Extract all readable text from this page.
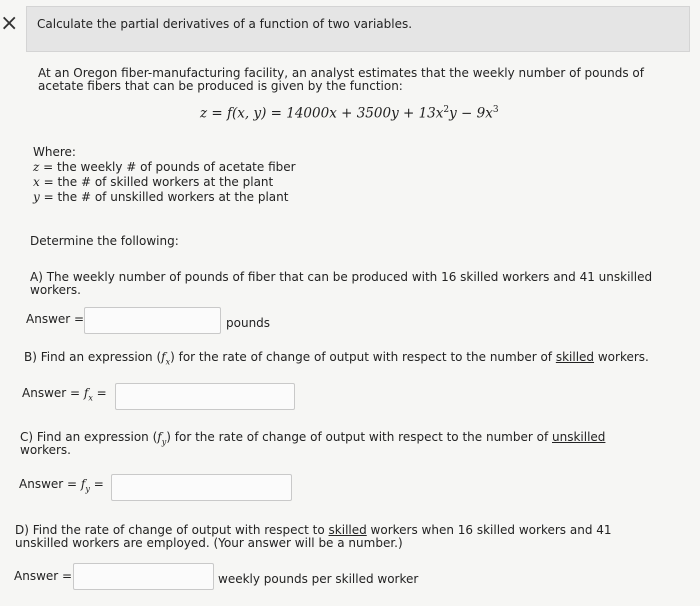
× Calculate the partial derivatives of a function of two variables.
At an Oregon fiber-manufacturing facility, an analyst estimates that the weekly number of pounds of
acetate fibers that can be produced is given by the function:
z = f(x, $y) = 14000x + 3500y + 13x^2y - 9x^3$
Where:
z = the weekly # of pounds of acetate fiber
x = the # of skilled workers at the plant
y = the # of unskilled workers at the plant
Determine the following:
A) The weekly number of pounds of fiber that can be produced with 16 skilled workers and 41 unskilled
workers.
Answer =	pounds
B) Find an expression $(f_x)$ for the rate of change of output with respect to the number of skilled workers.
Answer = $f_x$ =
C) Find an expression $(f_y)$ for the rate of change of output with respect to the number of unskilled
workers.
Answer = $f_y$ =
D) Find the rate of change of output with respect to skilled workers when 16 skilled workers and 41
unskilled workers are employed. (Your answer will be a number.)
Answer =	weekly pounds per skilled worker
